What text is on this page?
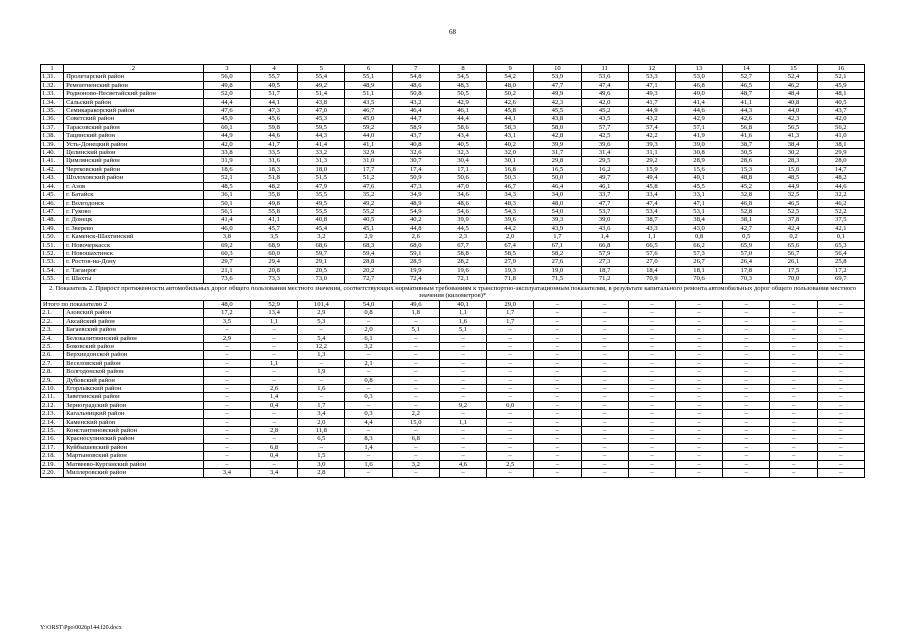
68
1	2	3	4	5	6	7	8	9	10	11	12	13	14	15	16
1.31.	Пролетарский район	56,0	55,7	55,4	55,1	54,8	54,5	54,2	53,9	53,6	53,3	53,0	52,7	52,4	52,1
1.32.	Ремонтненский район	49,8	49,5	49,2	48,9	48,6	48,3	48,0	47,7	47,4	47,1	46,8	46,5	46,2	45,9
1.33.	Родионово-Несветайский район	52,0	51,7	51,4	51,1	50,8	50,5	50,2	49,9	49,6	49,3	49,0	48,7	48,4	48,1
1.34.	Сальский район	44,4	44,1	43,8	43,5	43,2	42,9	42,6	42,3	42,0	41,7	41,4	41,1	40,8	40,5
1.35.	Семикаракорский район	47,6	47,3	47,0	46,7	46,4	46,1	45,8	45,5	45,2	44,9	44,6	44,3	44,0	43,7
1.36.	Советский район	45,9	45,6	45,3	45,0	44,7	44,4	44,1	43,8	43,5	43,2	42,9	42,6	42,3	42,0
1.37.	Тарасовский район	60,1	59,8	59,5	59,2	58,9	58,6	58,3	58,0	57,7	57,4	57,1	56,8	56,5	56,2
1.38.	Тацинский район	44,9	44,6	44,3	44,0	43,7	43,4	43,1	42,8	42,5	42,2	41,9	41,6	41,3	41,0
1.39.	Усть-Донецкий район	42,0	41,7	41,4	41,1	40,8	40,5	40,2	39,9	39,6	39,3	39,0	38,7	38,4	38,1
1.40.	Целинский район	33,8	33,5	33,2	32,9	32,6	32,3	32,0	31,7	31,4	31,1	30,8	30,5	30,2	29,9
1.41.	Цимлянский район	31,9	31,6	31,3	31,0	30,7	30,4	30,1	29,8	29,5	29,2	28,9	28,6	28,3	28,0
1.42.	Чертковский район	18,6	18,3	18,0	17,7	17,4	17,1	16,8	16,5	16,2	15,9	15,6	15,3	15,0	14,7
1.43.	Шолоховский район	52,1	51,8	51,5	51,2	50,9	50,6	50,3	50,0	49,7	49,4	49,1	48,8	48,5	48,2
1.44.	г. Азов	48,5	48,2	47,9	47,6	47,3	47,0	46,7	46,4	46,1	45,8	45,5	45,2	44,9	44,6
1.45.	г. Батайск	36,1	35,8	35,5	35,2	34,9	34,6	34,3	34,0	33,7	33,4	33,1	32,8	32,5	32,2
1.46.	г. Волгодонск	50,1	49,8	49,5	49,2	48,9	48,6	48,3	48,0	47,7	47,4	47,1	46,8	46,5	46,2
1.47.	г. Гуково	56,1	55,8	55,5	55,2	54,9	54,6	54,3	54,0	53,7	53,4	53,1	52,8	52,5	52,2
1.48.	г. Донецк	41,4	41,1	40,8	40,5	40,2	39,9	39,6	39,3	39,0	38,7	38,4	38,1	37,8	37,5
1.49.	г. Зверево	46,0	45,7	45,4	45,1	44,8	44,5	44,2	43,9	43,6	43,3	43,0	42,7	42,4	42,1
1.50.	г. Каменск-Шахтинский	3,8	3,5	3,2	2,9	2,6	2,3	2,0	1,7	1,4	1,1	0,8	0,5	0,2	0,1
1.51.	г. Новочеркасск	69,2	68,9	68,6	68,3	68,0	67,7	67,4	67,1	66,8	66,5	66,2	65,9	65,6	65,3
1.52.	г. Новошахтинск	60,3	60,0	59,7	59,4	59,1	58,8	58,5	58,2	57,9	57,6	57,3	57,0	56,7	56,4
1.53.	г. Ростов-на-Дону	29,7	29,4	29,1	28,8	28,5	28,2	27,9	27,6	27,3	27,0	26,7	26,4	26,1	25,8
1.54.	г. Таганрог	21,1	20,8	20,5	20,2	19,9	19,6	19,3	19,0	18,7	18,4	18,1	17,8	17,5	17,2
1.55.	г. Шахты	73,6	73,3	73,0	72,7	72,4	72,1	71,8	71,5	71,2	70,9	70,6	70,3	70,0	69,7
2. Показатель 2. Прирост протяженности автомобильных дорог общего пользования местного значения, соответствующих нормативным требованиям к транспортно-эксплуатационным показателям, в результате капитального ремонта автомобильных дорог общего пользования местного значения (километров)*															
Итого по показателю 2		48,0	52,9	101,4	54,0	49,6	40,1	29,0	–	–	–	–	–	–	–
2.1.	Азовский район	17,2	13,4	2,9	0,8	1,8	1,1	1,7	–	–	–	–	–	–	–
2.2.	Аксайский район	3,5	1,1	5,3	–	–	1,6	1,7	–	–	–	–	–	–	–
2.3.	Багаевский район	–	–	–	2,0	5,1	5,1	–	–	–	–	–	–	–	–
2.4.	Белокалитвинский район	2,9	–	5,4	6,1	–	–	–	–	–	–	–	–	–	–
2.5.	Боковский район	–	–	12,2	3,2	–	–	–	–	–	–	–	–	–	–
2.6.	Верхнедонской район	–	–	1,3	–	–	–	–	–	–	–	–	–	–	–
2.7.	Веселовский район	–	1,1	–	2,1	–	–	–	–	–	–	–	–	–	–
2.8.	Волгодонской район	–	–	1,9	–	–	–	–	–	–	–	–	–	–	–
2.9.	Дубовский район	–	–	–	0,8	–	–	–	–	–	–	–	–	–	–
2.10.	Егорлыкский район	–	2,6	1,6	–	–	–	–	–	–	–	–	–	–	–
2.11.	Заветинский район	–	1,4	–	0,3	–	–	–	–	–	–	–	–	–	–
2.12.	Зерноградский район	–	0,4	1,7	–	–	9,2	6,0	–	–	–	–	–	–	–
2.13.	Кагальницкий район	–	–	3,4	0,3	2,2	–	–	–	–	–	–	–	–	–
2.14.	Каменский район	–	–	2,0	4,4	15,0	1,1	–	–	–	–	–	–	–	–
2.15.	Константиновский район	–	2,8	11,8	–	–	–	–	–	–	–	–	–	–	–
2.16.	Красносулинский район	–	–	6,5	8,3	6,8	–	–	–	–	–	–	–	–	–
2.17.	Куйбышевский район	–	6,8	–	1,4	–	–	–	–	–	–	–	–	–	–
2.18.	Мартыновский район	–	0,4	1,5	–	–	–	–	–	–	–	–	–	–	–
2.19.	Матвеево-Курганский район	–	–	3,0	1,6	3,2	4,6	2,5	–	–	–	–	–	–	–
2.20.	Миллеровский район	3,4	3,4	2,8	–	–	–	–	–	–	–	–	–	–	–
Y:\ORST\Ppo\0026p144.f20.docx
